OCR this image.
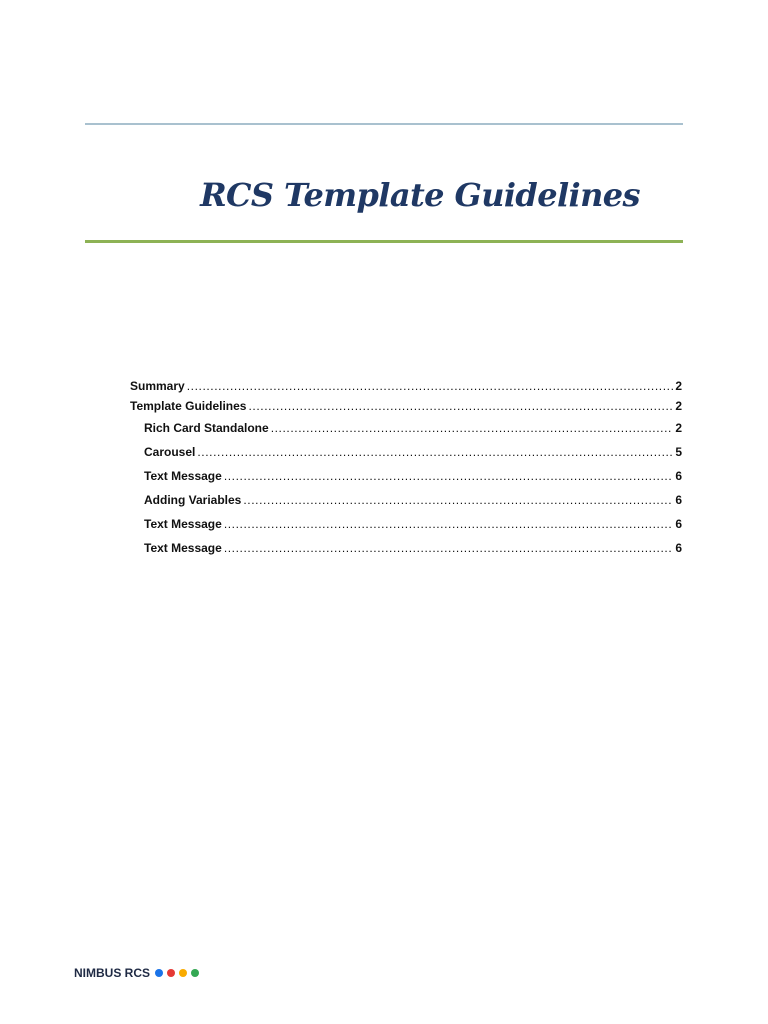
RCS Template Guidelines
Summary .....	2
Template Guidelines .....	2
Rich Card Standalone .....	2
Carousel .....	5
Text Message .....	6
Adding Variables .....	6
Text Message .....	6
Text Message .....	6
NIMBUS RCS
